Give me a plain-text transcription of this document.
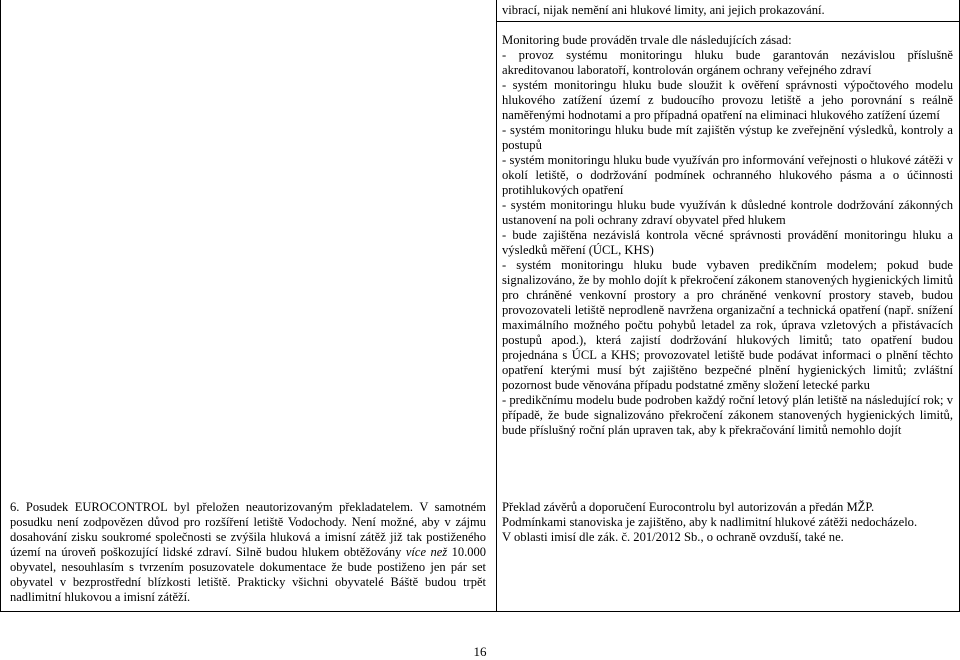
vibrací, nijak nemění ani hlukové limity, ani jejich prokazování.

Monitoring bude prováděn trvale dle následujících zásad:

- provoz systému monitoringu hluku bude garantován nezávislou příslušně akreditovanou laboratoří, kontrolován orgánem ochrany veřejného zdraví

- systém monitoringu hluku bude sloužit k ověření správnosti výpočtového modelu hlukového zatížení území z budoucího provozu letiště a jeho porovnání s reálně naměřenými hodnotami a pro případná opatření na eliminaci hlukového zatížení území

- systém monitoringu hluku bude mít zajištěn výstup ke zveřejnění výsledků, kontroly a postupů

- systém monitoringu hluku bude využíván pro informování veřejnosti o hlukové zátěži v okolí letiště, o dodržování podmínek ochranného hlukového pásma a o účinnosti protihlukových opatření

- systém monitoringu hluku bude využíván k důsledné kontrole dodržování zákonných ustanovení na poli ochrany zdraví obyvatel před hlukem

- bude zajištěna nezávislá kontrola věcné správnosti provádění monitoringu hluku a výsledků měření (ÚCL, KHS)

- systém monitoringu hluku bude vybaven predikčním modelem; pokud bude signalizováno, že by mohlo dojít k překročení zákonem stanovených hygienických limitů pro chráněné venkovní prostory a pro chráněné venkovní prostory staveb, budou provozovateli letiště neprodleně navržena organizační a technická opatření (např. snížení maximálního možného počtu pohybů letadel za rok, úprava vzletových a přistávacích postupů apod.), která zajistí dodržování hlukových limitů; tato opatření budou projednána s ÚCL a KHS; provozovatel letiště bude podávat informaci o plnění těchto opatření kterými musí být zajištěno bezpečné plnění hygienických limitů; zvláštní pozornost bude věnována případu podstatné změny složení letecké parku

- predikčnímu modelu bude podroben každý roční letový plán letiště na následující rok; v případě, že bude signalizováno překročení zákonem stanovených hygienických limitů, bude příslušný roční plán upraven tak, aby k překračování limitů nemohlo dojít

6. Posudek EUROCONTROL byl přeložen neautorizovaným překladatelem. V samotném posudku není zodpovězen důvod pro rozšíření letiště Vodochody. Není možné, aby v zájmu dosahování zisku soukromé společnosti se zvýšila hluková a imisní zátěž již tak postiženého území na úroveň poškozující lidské zdraví. Silně budou hlukem obtěžovány více než 10.000 obyvatel, nesouhlasím s tvrzením posuzovatele dokumentace že bude postiženo jen pár set obyvatel v bezprostřední blízkosti letiště. Prakticky všichni obyvatelé Báště budou trpět nadlimitní hlukovou a imisní zátěží.

Překlad závěrů a doporučení Eurocontrolu byl autorizován a předán MŽP.

Podmínkami stanoviska je zajištěno, aby k nadlimitní hlukové zátěži nedocházelo.

V oblasti imisí dle zák. č. 201/2012 Sb., o ochraně ovzduší, také ne.

16
